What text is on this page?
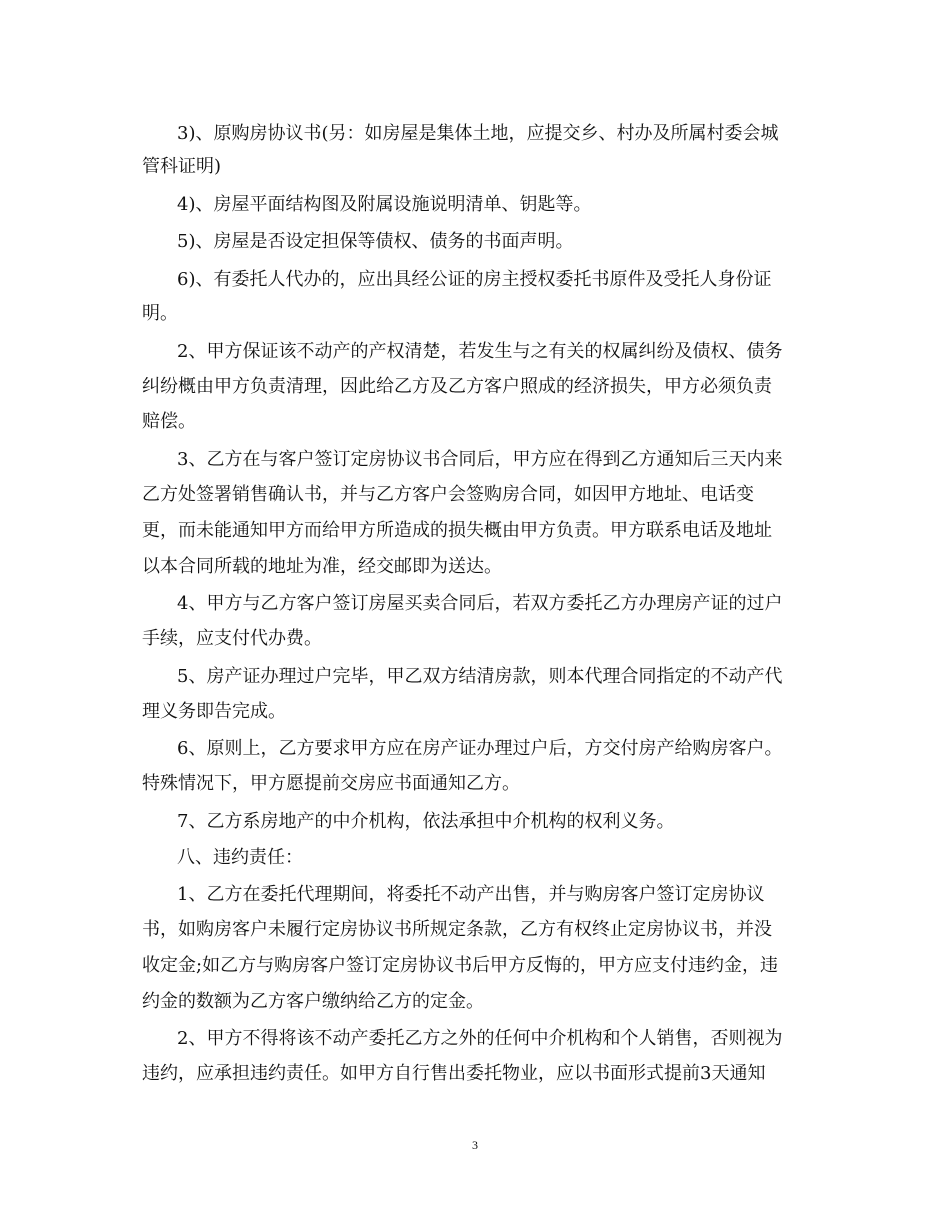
3)、原购房协议书(另：如房屋是集体土地，应提交乡、村办及所属村委会城
管科证明)
4)、房屋平面结构图及附属设施说明清单、钥匙等。
5)、房屋是否设定担保等债权、债务的书面声明。
6)、有委托人代办的，应出具经公证的房主授权委托书原件及受托人身份证
明。
2、甲方保证该不动产的产权清楚，若发生与之有关的权属纠纷及债权、债务
纠纷概由甲方负责清理，因此给乙方及乙方客户照成的经济损失，甲方必须负责
赔偿。
3、乙方在与客户签订定房协议书合同后，甲方应在得到乙方通知后三天内来
乙方处签署销售确认书，并与乙方客户会签购房合同，如因甲方地址、电话变
更，而未能通知甲方而给甲方所造成的损失概由甲方负责。甲方联系电话及地址
以本合同所载的地址为准，经交邮即为送达。
4、甲方与乙方客户签订房屋买卖合同后，若双方委托乙方办理房产证的过户
手续，应支付代办费。
5、房产证办理过户完毕，甲乙双方结清房款，则本代理合同指定的不动产代
理义务即告完成。
6、原则上，乙方要求甲方应在房产证办理过户后，方交付房产给购房客户。
特殊情况下，甲方愿提前交房应书面通知乙方。
7、乙方系房地产的中介机构，依法承担中介机构的权利义务。
八、违约责任：
1、乙方在委托代理期间，将委托不动产出售，并与购房客户签订定房协议
书，如购房客户未履行定房协议书所规定条款，乙方有权终止定房协议书，并没
收定金;如乙方与购房客户签订定房协议书后甲方反悔的，甲方应支付违约金，违
约金的数额为乙方客户缴纳给乙方的定金。
2、甲方不得将该不动产委托乙方之外的任何中介机构和个人销售，否则视为
违约，应承担违约责任。如甲方自行售出委托物业，应以书面形式提前3天通知
3
